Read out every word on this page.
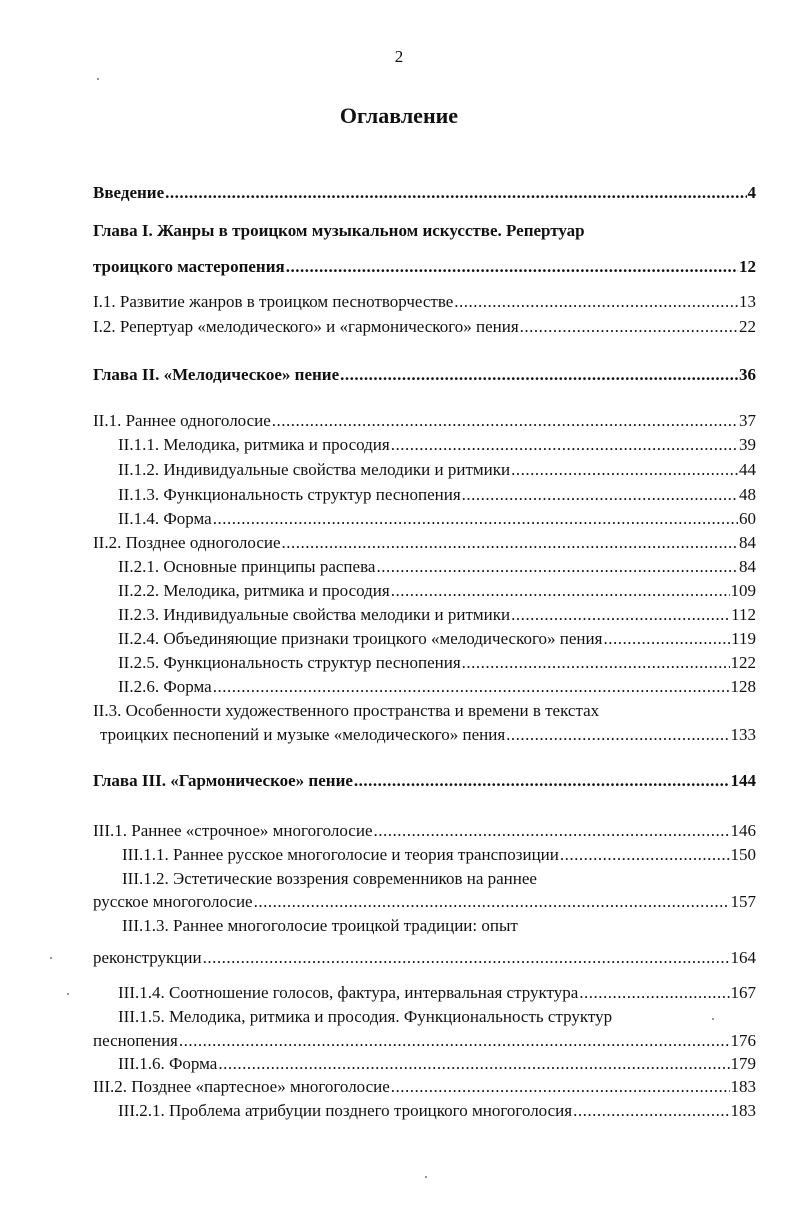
2
Оглавление
Введение .....	4
Глава I. Жанры в троицком музыкальном искусстве. Репертуар
троицкого мастеропения .....	12
I.1. Развитие жанров в троицком песнотворчестве .....	13
I.2. Репертуар «мелодического» и «гармонического» пения .....	22
Глава II. «Мелодическое» пение .....	36
II.1. Раннее одноголосие .....	37
II.1.1. Мелодика, ритмика и просодия .....	39
II.1.2. Индивидуальные свойства мелодики и ритмики .....	44
II.1.3. Функциональность структур песнопения .....	48
II.1.4. Форма .....	60
II.2. Позднее одноголосие .....	84
II.2.1. Основные принципы распева .....	84
II.2.2. Мелодика, ритмика и просодия .....	109
II.2.3. Индивидуальные свойства мелодики и ритмики .....	112
II.2.4. Объединяющие признаки троицкого «мелодического» пения .....	119
II.2.5. Функциональность структур песнопения .....	122
II.2.6. Форма .....	128
II.3. Особенности художественного пространства и времени в текстах
троицких песнопений и музыке «мелодического» пения .....	133
Глава III. «Гармоническое» пение .....	144
III.1. Раннее «строчное» многоголосие .....	146
III.1.1. Раннее русское многоголосие и теория транспозиции .....	150
III.1.2. Эстетические воззрения современников на раннее
русское многоголосие .....	157
III.1.3. Раннее многоголосие троицкой традиции: опыт
реконструкции .....	164
III.1.4. Соотношение голосов, фактура, интервальная структура .....	167
III.1.5. Мелодика, ритмика и просодия. Функциональность структур
песнопения .....	176
III.1.6. Форма .....	179
III.2. Позднее «партесное» многоголосие .....	183
III.2.1. Проблема атрибуции позднего троицкого многоголосия .....	183
